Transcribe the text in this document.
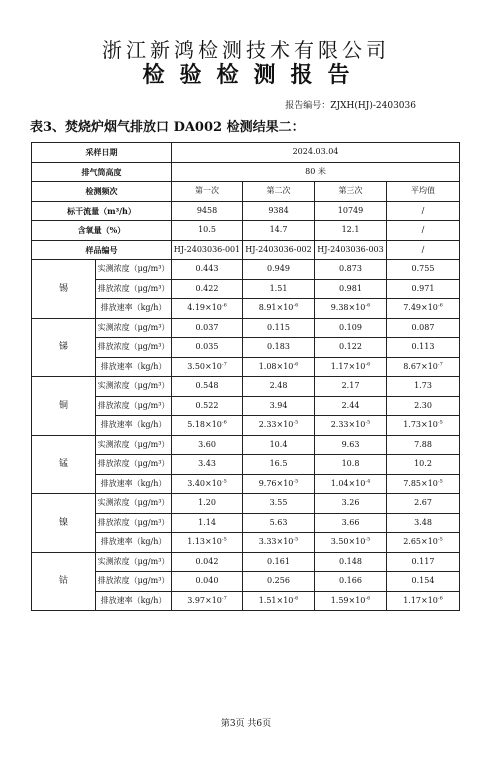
浙江新鸿检测技术有限公司
检验检测报告
报告编号：ZJXH(HJ)-2403036
表3、焚烧炉烟气排放口 DA002 检测结果二：
采样日期		2024.03.04			
排气筒高度		80 米			
检测频次		第一次	第二次	第三次	平均值
标干流量（m³/h）		9458	9384	10749	/
含氧量（%）		10.5	14.7	12.1	/
样品编号		HJ-2403036-001	HJ-2403036-002	HJ-2403036-003	/
锡	实测浓度（μg/m³）	0.443	0.949	0.873	0.755
	排放浓度（μg/m³）	0.422	1.51	0.981	0.971
	排放速率（kg/h）	$4.19\times 10^{-6}$	$8.91\times 10^{-6}$	$9.38\times 10^{-6}$	$7.49\times 10^{-6}$
锑	实测浓度（μg/m³）	0.037	0.115	0.109	0.087
	排放浓度（μg/m³）	0.035	0.183	0.122	0.113
	排放速率（kg/h）	$3.50\times 10^{-7}$	$1.08\times 10^{-6}$	$1.17\times 10^{-6}$	$8.67\times 10^{-7}$
铜	实测浓度（μg/m³）	0.548	2.48	2.17	1.73
	排放浓度（μg/m³）	0.522	3.94	2.44	2.30
	排放速率（kg/h）	$5.18\times 10^{-6}$	$2.33\times 10^{-5}$	$2.33\times 10^{-5}$	$1.73\times 10^{-5}$
锰	实测浓度（μg/m³）	3.60	10.4	9.63	7.88
	排放浓度（μg/m³）	3.43	16.5	10.8	10.2
	排放速率（kg/h）	$3.40\times 10^{-5}$	$9.76\times 10^{-5}$	$1.04\times 10^{-4}$	$7.85\times 10^{-5}$
镍	实测浓度（μg/m³）	1.20	3.55	3.26	2.67
	排放浓度（μg/m³）	1.14	5.63	3.66	3.48
	排放速率（kg/h）	$1.13\times 10^{-5}$	$3.33\times 10^{-5}$	$3.50\times 10^{-5}$	$2.65\times 10^{-5}$
钴	实测浓度（μg/m³）	0.042	0.161	0.148	0.117
	排放浓度（μg/m³）	0.040	0.256	0.166	0.154
	排放速率（kg/h）	$3.97\times 10^{-7}$	$1.51\times 10^{-6}$	$1.59\times 10^{-6}$	$1.17\times 10^{-6}$
第3页 共6页
